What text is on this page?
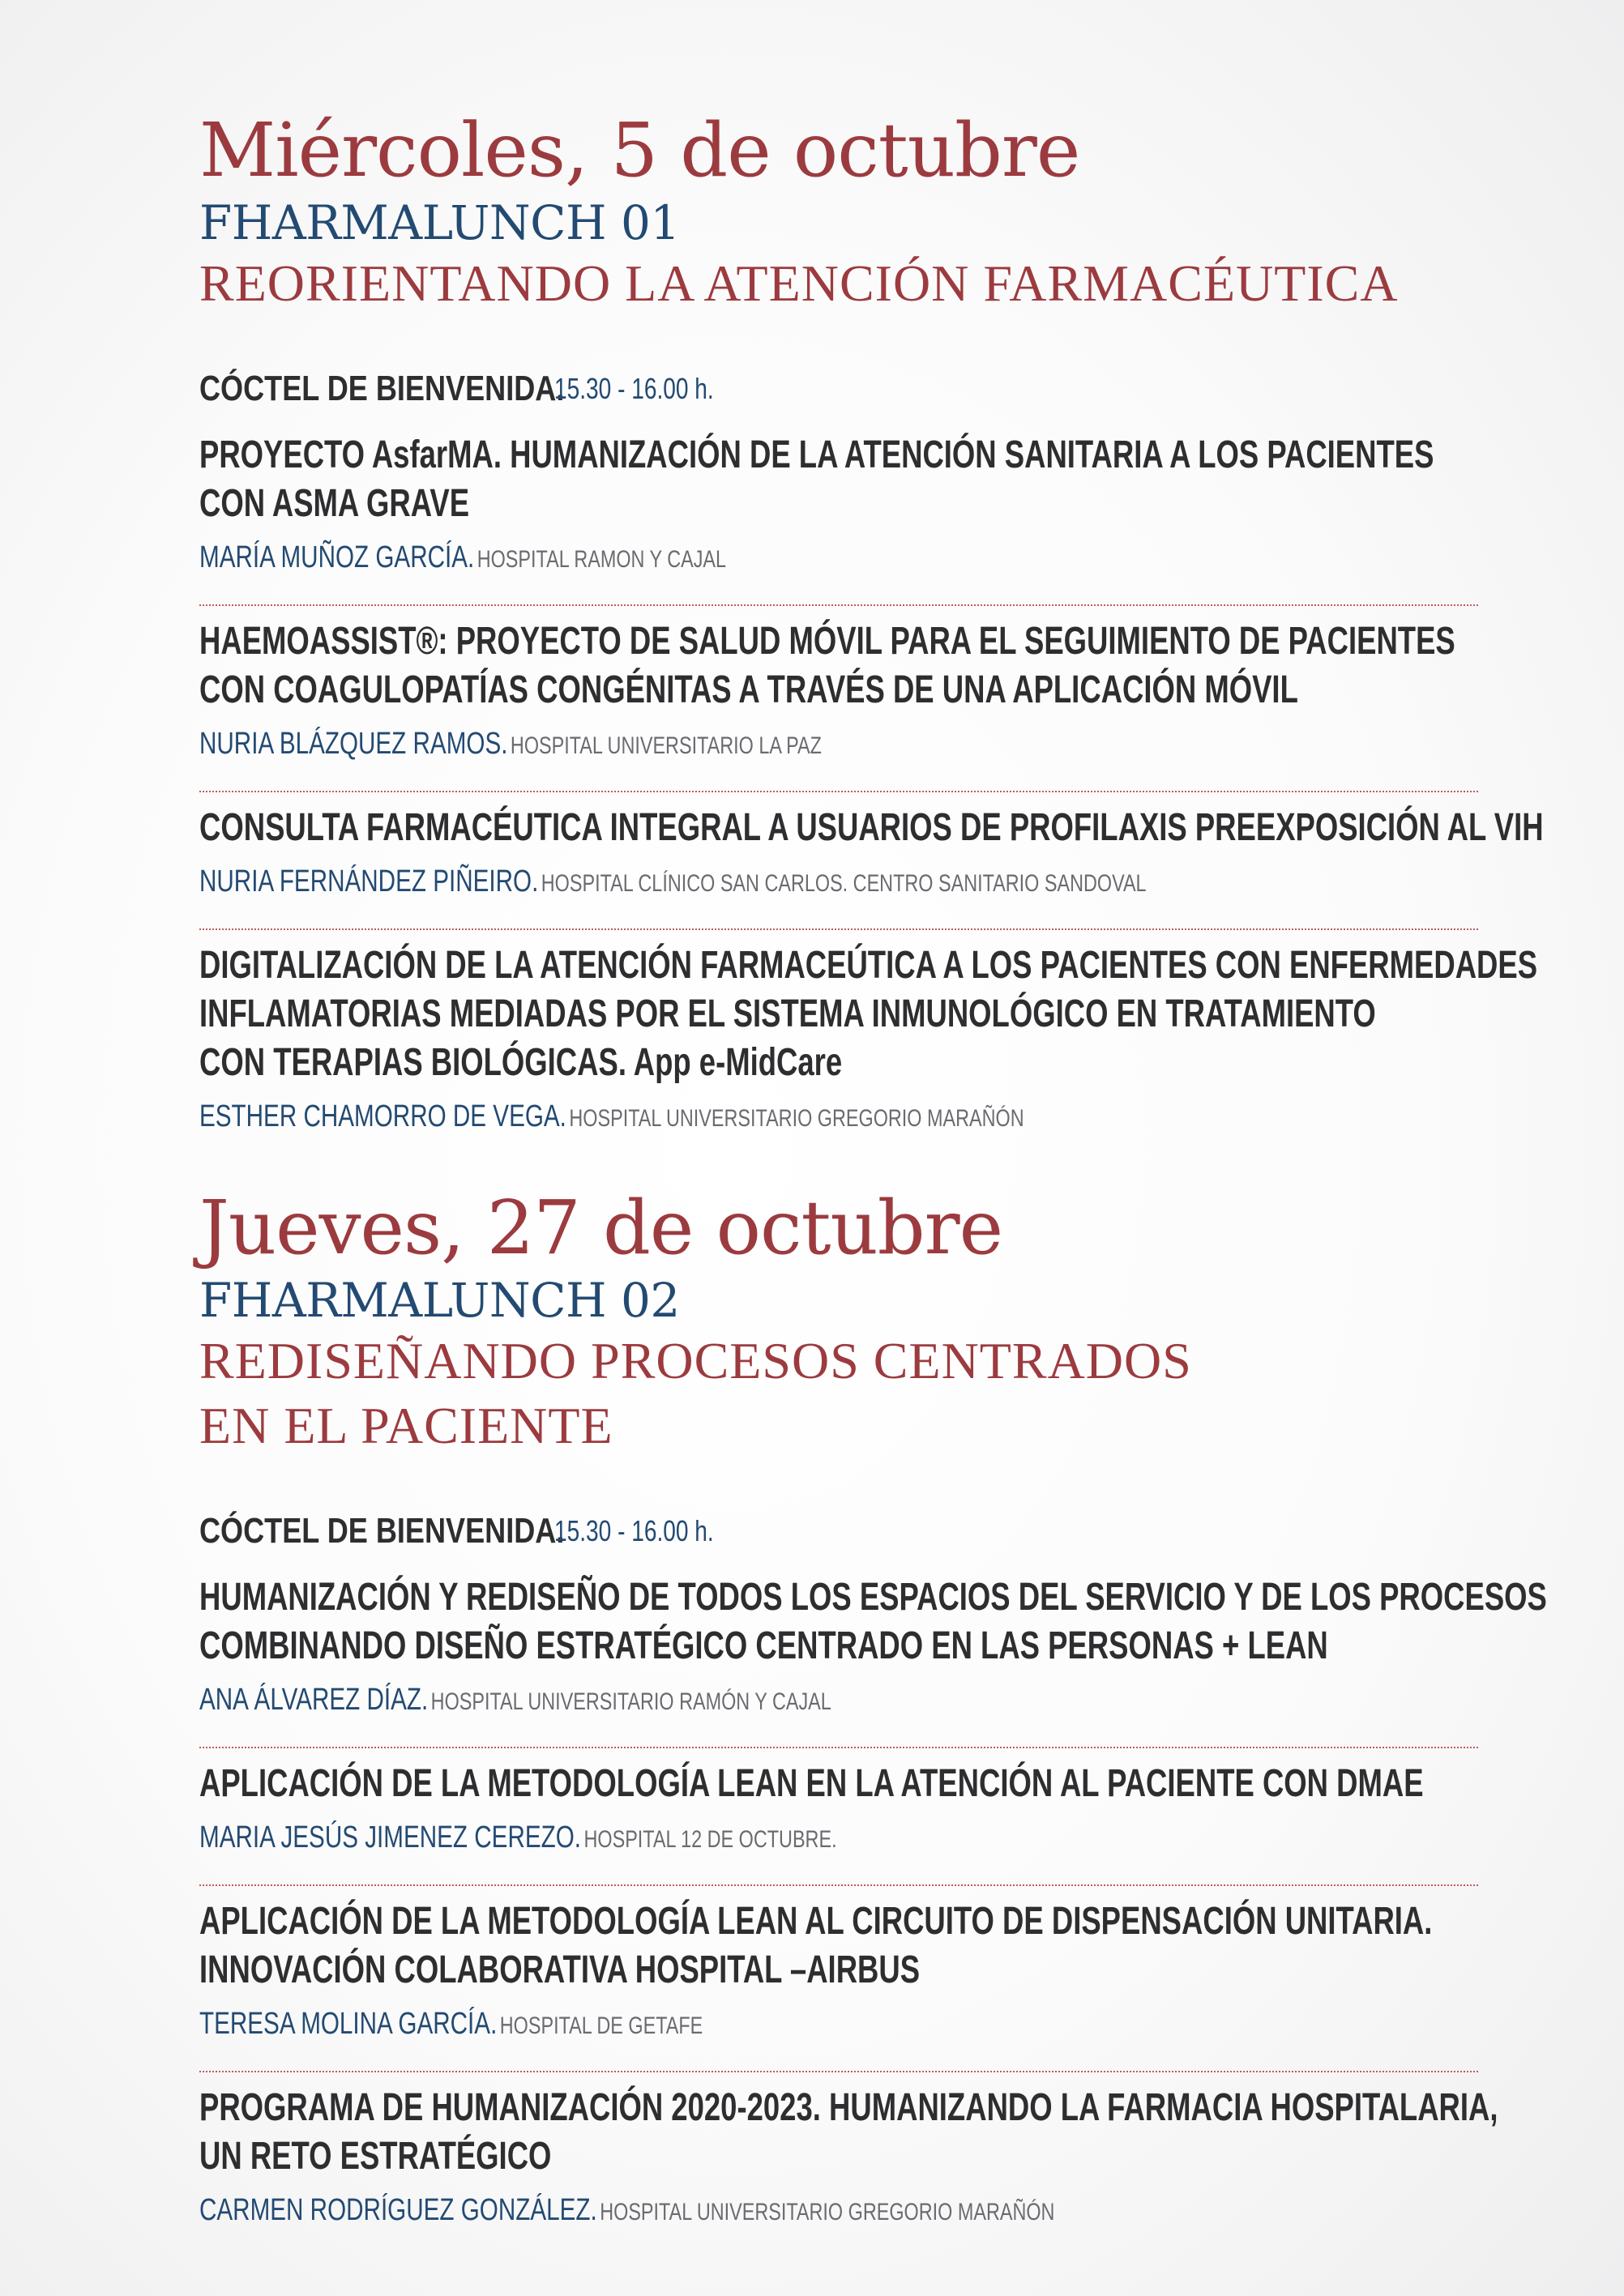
Miércoles, 5 de octubre
FHARMALUNCH 01
REORIENTANDO LA ATENCIÓN FARMACÉUTICA
CÓCTEL DE BIENVENIDA.
15.30 - 16.00 h.
PROYECTO AsfarMA. HUMANIZACIÓN DE LA ATENCIÓN SANITARIA A LOS PACIENTES
CON ASMA GRAVE
MARÍA MUÑOZ GARCÍA. HOSPITAL RAMON Y CAJAL
HAEMOASSIST®: PROYECTO DE SALUD MÓVIL PARA EL SEGUIMIENTO DE PACIENTES
CON COAGULOPATÍAS CONGÉNITAS A TRAVÉS DE UNA APLICACIÓN MÓVIL
NURIA BLÁZQUEZ RAMOS. HOSPITAL UNIVERSITARIO LA PAZ
CONSULTA FARMACÉUTICA INTEGRAL A USUARIOS DE PROFILAXIS PREEXPOSICIÓN AL VIH
NURIA FERNÁNDEZ PIÑEIRO. HOSPITAL CLÍNICO SAN CARLOS. CENTRO SANITARIO SANDOVAL
DIGITALIZACIÓN DE LA ATENCIÓN FARMACEÚTICA A LOS PACIENTES CON ENFERMEDADES
INFLAMATORIAS MEDIADAS POR EL SISTEMA INMUNOLÓGICO EN TRATAMIENTO
CON TERAPIAS BIOLÓGICAS. App e-MidCare
ESTHER CHAMORRO DE VEGA. HOSPITAL UNIVERSITARIO GREGORIO MARAÑÓN
Jueves, 27 de octubre
FHARMALUNCH 02
REDISEÑANDO PROCESOS CENTRADOS
EN EL PACIENTE
CÓCTEL DE BIENVENIDA.
15.30 - 16.00 h.
HUMANIZACIÓN Y REDISEÑO DE TODOS LOS ESPACIOS DEL SERVICIO Y DE LOS PROCESOS
COMBINANDO DISEÑO ESTRATÉGICO CENTRADO EN LAS PERSONAS + LEAN
ANA ÁLVAREZ DÍAZ. HOSPITAL UNIVERSITARIO RAMÓN Y CAJAL
APLICACIÓN DE LA METODOLOGÍA LEAN EN LA ATENCIÓN AL PACIENTE CON DMAE
MARIA JESÚS JIMENEZ CEREZO. HOSPITAL 12 DE OCTUBRE.
APLICACIÓN DE LA METODOLOGÍA LEAN AL CIRCUITO DE DISPENSACIÓN UNITARIA.
INNOVACIÓN COLABORATIVA HOSPITAL –AIRBUS
TERESA MOLINA GARCÍA. HOSPITAL DE GETAFE
PROGRAMA DE HUMANIZACIÓN 2020-2023. HUMANIZANDO LA FARMACIA HOSPITALARIA,
UN RETO ESTRATÉGICO
CARMEN RODRÍGUEZ GONZÁLEZ. HOSPITAL UNIVERSITARIO GREGORIO MARAÑÓN
